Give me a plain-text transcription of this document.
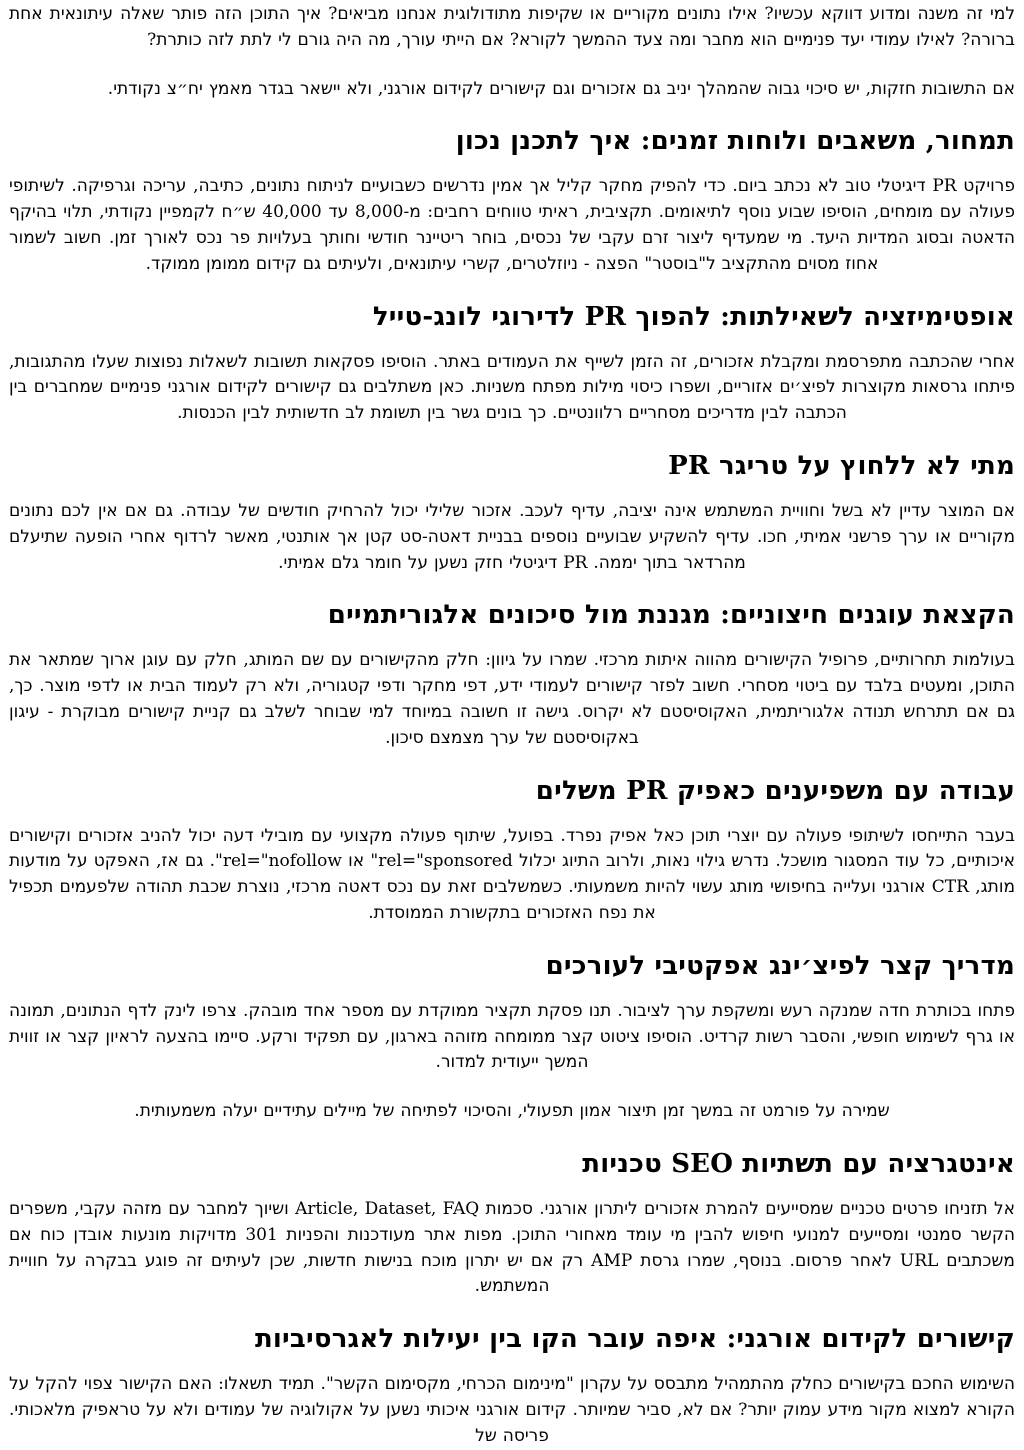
למי זה משנה ומדוע דווקא עכשיו? אילו נתונים מקוריים או שקיפות מתודולוגית אנחנו מביאים? איך התוכן הזה פותר שאלה עיתונאית אחת ברורה? לאילו עמודי יעד פנימיים הוא מחבר ומה צעד ההמשך לקורא? אם הייתי עורך, מה היה גורם לי לתת לזה כותרת?

אם התשובות חזקות, יש סיכוי גבוה שהמהלך יניב גם אזכורים וגם קישורים לקידום אורגני, ולא יישאר בגדר מאמץ יח״צ נקודתי.

תמחור, משאבים ולוחות זמנים: איך לתכנן נכון

פרויקט PR דיגיטלי טוב לא נכתב ביום. כדי להפיק מחקר קליל אך אמין נדרשים כשבועיים לניתוח נתונים, כתיבה, עריכה וגרפיקה. לשיתופי פעולה עם מומחים, הוסיפו שבוע נוסף לתיאומים. תקציבית, ראיתי טווחים רחבים: מ-8,000 עד 40,000 ש״ח לקמפיין נקודתי, תלוי בהיקף הדאטה ובסוג המדיות היעד. מי שמעדיף ליצור זרם עקבי של נכסים, בוחר ריטיינר חודשי וחותך בעלויות פר נכס לאורך זמן. חשוב לשמור אחוז מסוים מהתקציב ל"בוסטר" הפצה - ניוזלטרים, קשרי עיתונאים, ולעיתים גם קידום ממומן ממוקד.

אופטימיזציה לשאילתות: להפוך PR לדירוגי לונג-טייל

אחרי שהכתבה מתפרסמת ומקבלת אזכורים, זה הזמן לשייף את העמודים באתר. הוסיפו פסקאות תשובות לשאלות נפוצות שעלו מהתגובות, פיתחו גרסאות מקוצרות לפיצ׳ים אזוריים, ושפרו כיסוי מילות מפתח משניות. כאן משתלבים גם קישורים לקידום אורגני פנימיים שמחברים בין הכתבה לבין מדריכים מסחריים רלוונטיים. כך בונים גשר בין תשומת לב חדשותית לבין הכנסות.

מתי לא ללחוץ על טריגר PR

אם המוצר עדיין לא בשל וחוויית המשתמש אינה יציבה, עדיף לעכב. אזכור שלילי יכול להרחיק חודשים של עבודה. גם אם אין לכם נתונים מקוריים או ערך פרשני אמיתי, חכו. עדיף להשקיע שבועיים נוספים בבניית דאטה-סט קטן אך אותנטי, מאשר לרדוף אחרי הופעה שתיעלם מהרדאר בתוך יממה. PR דיגיטלי חזק נשען על חומר גלם אמיתי.

הקצאת עוגנים חיצוניים: מגננת מול סיכונים אלגוריתמיים

בעולמות תחרותיים, פרופיל הקישורים מהווה איתות מרכזי. שמרו על גיוון: חלק מהקישורים עם שם המותג, חלק עם עוגן ארוך שמתאר את התוכן, ומעטים בלבד עם ביטוי מסחרי. חשוב לפזר קישורים לעמודי ידע, דפי מחקר ודפי קטגוריה, ולא רק לעמוד הבית או לדפי מוצר. כך, גם אם תתרחש תנודה אלגוריתמית, האקוסיסטם לא יקרוס. גישה זו חשובה במיוחד למי שבוחר לשלב גם קניית קישורים מבוקרת - עיגון באקוסיסטם של ערך מצמצם סיכון.

עבודה עם משפיענים כאפיק PR משלים

בעבר התייחסו לשיתופי פעולה עם יוצרי תוכן כאל אפיק נפרד. בפועל, שיתוף פעולה מקצועי עם מובילי דעה יכול להניב אזכורים וקישורים איכותיים, כל עוד המסגור מושכל. נדרש גילוי נאות, ולרוב התיוג יכלול rel="sponsored" או rel="nofollow". גם אז, האפקט על מודעות מותג, CTR אורגני ועלייה בחיפושי מותג עשוי להיות משמעותי. כשמשלבים זאת עם נכס דאטה מרכזי, נוצרת שכבת תהודה שלפעמים תכפיל את נפח האזכורים בתקשורת הממוסדת.

מדריך קצר לפיצ׳ינג אפקטיבי לעורכים

פתחו בכותרת חדה שמנקה רעש ומשקפת ערך לציבור. תנו פסקת תקציר ממוקדת עם מספר אחד מובהק. צרפו לינק לדף הנתונים, תמונה או גרף לשימוש חופשי, והסבר רשות קרדיט. הוסיפו ציטוט קצר ממומחה מזוהה בארגון, עם תפקיד ורקע. סיימו בהצעה לראיון קצר או זווית המשך ייעודית למדור.

שמירה על פורמט זה במשך זמן תיצור אמון תפעולי, והסיכוי לפתיחה של מיילים עתידיים יעלה משמעותית.

אינטגרציה עם תשתיות SEO טכניות

אל תזניחו פרטים טכניים שמסייעים להמרת אזכורים ליתרון אורגני. סכמות Article, Dataset, FAQ ושיוך למחבר עם מזהה עקבי, משפרים הקשר סמנטי ומסייעים למנועי חיפוש להבין מי עומד מאחורי התוכן. מפות אתר מעודכנות והפניות 301 מדויקות מונעות אובדן כוח אם משכתבים URL לאחר פרסום. בנוסף, שמרו גרסת AMP רק אם יש יתרון מוכח בנישות חדשות, שכן לעיתים זה פוגע בבקרה על חוויית המשתמש.

קישורים לקידום אורגני: איפה עובר הקו בין יעילות לאגרסיביות

השימוש החכם בקישורים כחלק מהתמהיל מתבסס על עקרון "מינימום הכרחי, מקסימום הקשר". תמיד תשאלו: האם הקישור צפוי להקל על הקורא למצוא מקור מידע עמוק יותר? אם לא, סביר שמיותר. קידום אורגני איכותי נשען על אקולוגיה של עמודים ולא על טראפיק מלאכותי. פריסה של
